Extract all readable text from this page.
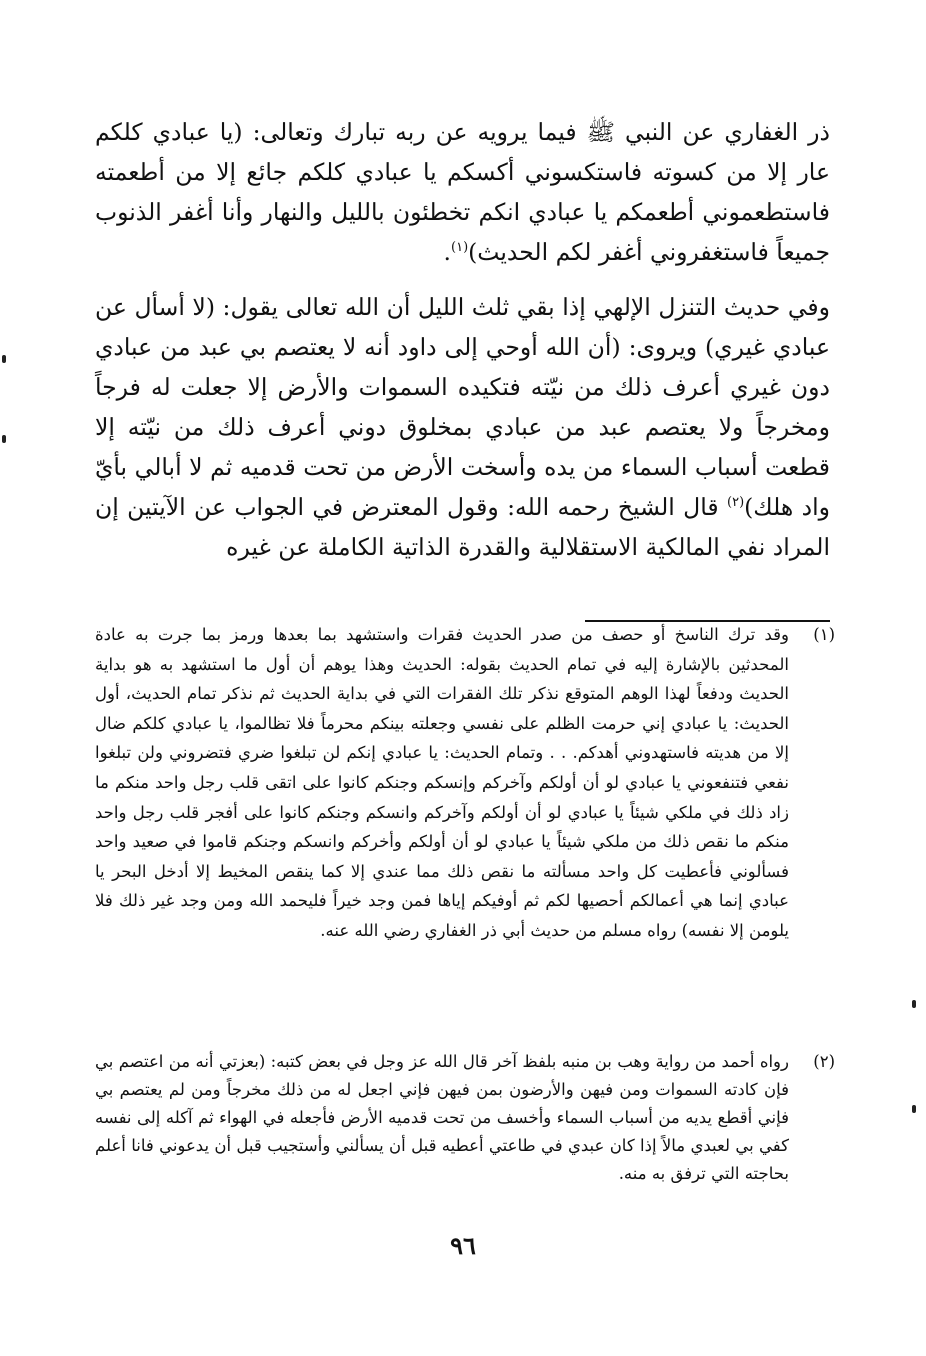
ذر الغفاري عن النبي ﷺ فيما يرويه عن ربه تبارك وتعالى: (يا عبادي كلكم عار إلا من كسوته فاستكسوني أكسكم يا عبادي كلكم جائع إلا من أطعمته فاستطعموني أطعمكم يا عبادي انكم تخطئون بالليل والنهار وأنا أغفر الذنوب جميعاً فاستغفروني أغفر لكم الحديث)$^{(١)}$.

وفي حديث التنزل الإلهي إذا بقي ثلث الليل أن الله تعالى يقول: (لا أسأل عن عبادي غيري) ويروى: (أن الله أوحي إلى داود أنه لا يعتصم بي عبد من عبادي دون غيري أعرف ذلك من نيّته فتكيده السموات والأرض إلا جعلت له فرجاً ومخرجاً ولا يعتصم عبد من عبادي بمخلوق دوني أعرف ذلك من نيّته إلا قطعت أسباب السماء من يده وأسخت الأرض من تحت قدميه ثم لا أبالي بأيّ واد هلك)$^{(٢)}$ قال الشيخ رحمه الله: وقول المعترض في الجواب عن الآيتين إن المراد نفي المالكية الاستقلالية والقدرة الذاتية الكاملة عن غيره

(١)
وقد ترك الناسخ أو حصف من صدر الحديث فقرات واستشهد بما بعدها ورمز بما جرت به عادة المحدثين بالإشارة إليه في تمام الحديث بقوله: الحديث وهذا يوهم أن أول ما استشهد به هو بداية الحديث ودفعاً لهذا الوهم المتوقع نذكر تلك الفقرات التي في بداية الحديث ثم نذكر تمام الحديث، أول الحديث: يا عبادي إني حرمت الظلم على نفسي وجعلته بينكم محرماً فلا تظالموا، يا عبادي كلكم ضال إلا من هديته فاستهدوني أهدكم. . . وتمام الحديث: يا عبادي إنكم لن تبلغوا ضري فتضروني ولن تبلغوا نفعي فتنفعوني يا عبادي لو أن أولكم وآخركم وإنسكم وجنكم كانوا على اتقى قلب رجل واحد منكم ما زاد ذلك في ملكي شيئاً يا عبادي لو أن أولكم وآخركم وانسكم وجنكم كانوا على أفجر قلب رجل واحد منكم ما نقص ذلك من ملكي شيئاً يا عبادي لو أن أولكم وأخركم وانسكم وجنكم قاموا في صعيد واحد فسألوني فأعطيت كل واحد مسألته ما نقص ذلك مما عندي إلا كما ينقص المخيط إلا أدخل البحر يا عبادي إنما هي أعمالكم أحصيها لكم ثم أوفيكم إياها فمن وجد خيراً فليحمد الله ومن وجد غير ذلك فلا يلومن إلا نفسه) رواه مسلم من حديث أبي ذر الغفاري رضي الله عنه.
(٢)
رواه أحمد من رواية وهب بن منبه بلفظ آخر قال الله عز وجل في بعض كتبه: (بعزتي أنه من اعتصم بي فإن كادته السموات ومن فيهن والأرضون بمن فيهن فإني اجعل له من ذلك مخرجاً ومن لم يعتصم بي فإني أقطع يديه من أسباب السماء وأخسف من تحت قدميه الأرض فأجعله في الهواء ثم آكله إلى نفسه كفي بي لعبدي مالاً إذا كان عبدي في طاعتي أعطيه قبل أن يسألني وأستجيب قبل أن يدعوني فانا أعلم بحاجته التي ترفق به منه.
٩٦
